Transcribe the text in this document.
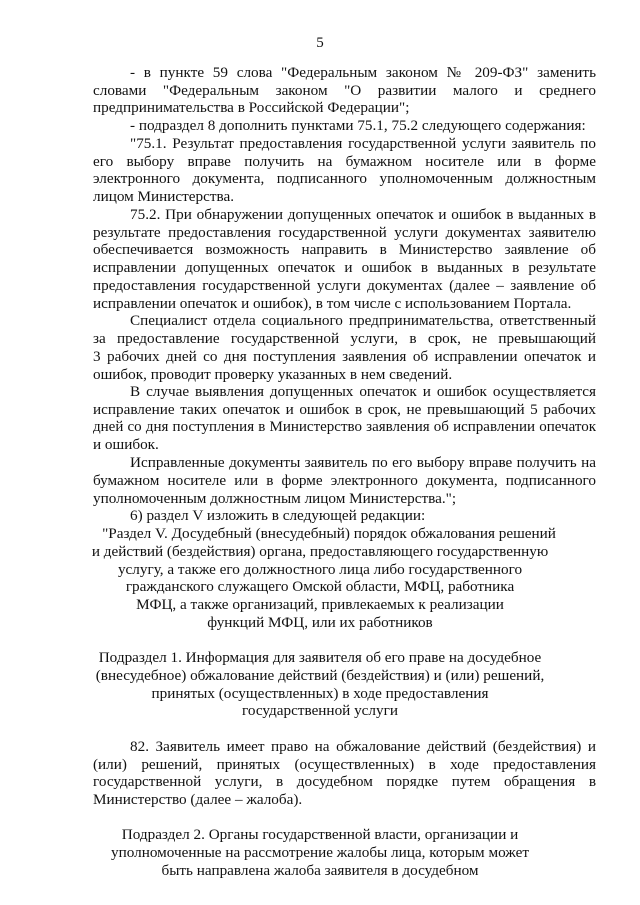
5
- в пункте 59 слова "Федеральным законом № 209-ФЗ" заменить
словами "Федеральным законом "О развитии малого и среднего
предпринимательства в Российской Федерации";
- подраздел 8 дополнить пунктами 75.1, 75.2 следующего содержания:
"75.1. Результат предоставления государственной услуги заявитель по
его выбору вправе получить на бумажном носителе или в форме
электронного документа, подписанного уполномоченным должностным
лицом Министерства.
75.2. При обнаружении допущенных опечаток и ошибок в выданных в
результате предоставления государственной услуги документах заявителю
обеспечивается возможность направить в Министерство заявление об
исправлении допущенных опечаток и ошибок в выданных в результате
предоставления государственной услуги документах (далее – заявление об
исправлении опечаток и ошибок), в том числе с использованием Портала.
Специалист отдела социального предпринимательства, ответственный
за предоставление государственной услуги, в срок, не превышающий
3 рабочих дней со дня поступления заявления об исправлении опечаток и
ошибок, проводит проверку указанных в нем сведений.
В случае выявления допущенных опечаток и ошибок осуществляется
исправление таких опечаток и ошибок в срок, не превышающий 5 рабочих
дней со дня поступления в Министерство заявления об исправлении опечаток
и ошибок.
Исправленные документы заявитель по его выбору вправе получить на
бумажном носителе или в форме электронного документа, подписанного
уполномоченным должностным лицом Министерства.";
6) раздел V изложить в следующей редакции:
"Раздел V. Досудебный (внесудебный) порядок обжалования решений
и действий (бездействия) органа, предоставляющего государственную
услугу, а также его должностного лица либо государственного
гражданского служащего Омской области, МФЦ, работника
МФЦ, а также организаций, привлекаемых к реализации
функций МФЦ, или их работников
Подраздел 1. Информация для заявителя об его праве на досудебное
(внесудебное) обжалование действий (бездействия) и (или) решений,
принятых (осуществленных) в ходе предоставления
государственной услуги
82. Заявитель имеет право на обжалование действий (бездействия) и
(или) решений, принятых (осуществленных) в ходе предоставления
государственной услуги, в досудебном порядке путем обращения в
Министерство (далее – жалоба).
Подраздел 2. Органы государственной власти, организации и
уполномоченные на рассмотрение жалобы лица, которым может
быть направлена жалоба заявителя в досудебном
